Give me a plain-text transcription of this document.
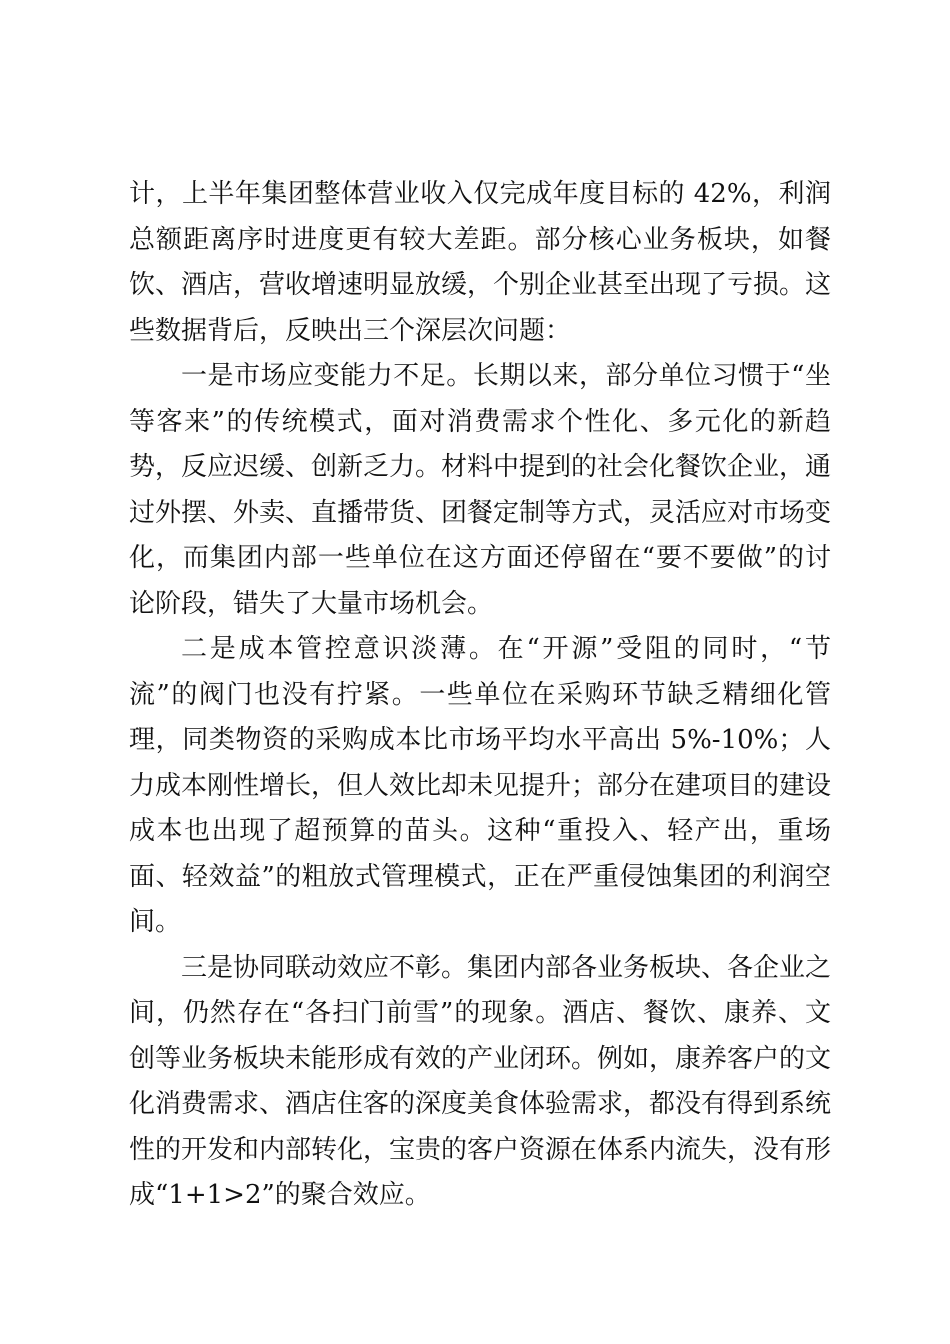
计，上半年集团整体营业收入仅完成年度目标的 42%，利润总额距离序时进度更有较大差距。部分核心业务板块，如餐饮、酒店，营收增速明显放缓，个别企业甚至出现了亏损。这些数据背后，反映出三个深层次问题：

一是市场应变能力不足。长期以来，部分单位习惯于“坐等客来”的传统模式，面对消费需求个性化、多元化的新趋势，反应迟缓、创新乏力。材料中提到的社会化餐饮企业，通过外摆、外卖、直播带货、团餐定制等方式，灵活应对市场变化，而集团内部一些单位在这方面还停留在“要不要做”的讨论阶段，错失了大量市场机会。

二是成本管控意识淡薄。在“开源”受阻的同时，“节流”的阀门也没有拧紧。一些单位在采购环节缺乏精细化管理，同类物资的采购成本比市场平均水平高出 5%-10%；人力成本刚性增长，但人效比却未见提升；部分在建项目的建设成本也出现了超预算的苗头。这种“重投入、轻产出，重场面、轻效益”的粗放式管理模式，正在严重侵蚀集团的利润空间。

三是协同联动效应不彰。集团内部各业务板块、各企业之间，仍然存在“各扫门前雪”的现象。酒店、餐饮、康养、文创等业务板块未能形成有效的产业闭环。例如，康养客户的文化消费需求、酒店住客的深度美食体验需求，都没有得到系统性的开发和内部转化，宝贵的客户资源在体系内流失，没有形成“1+1>2”的聚合效应。
